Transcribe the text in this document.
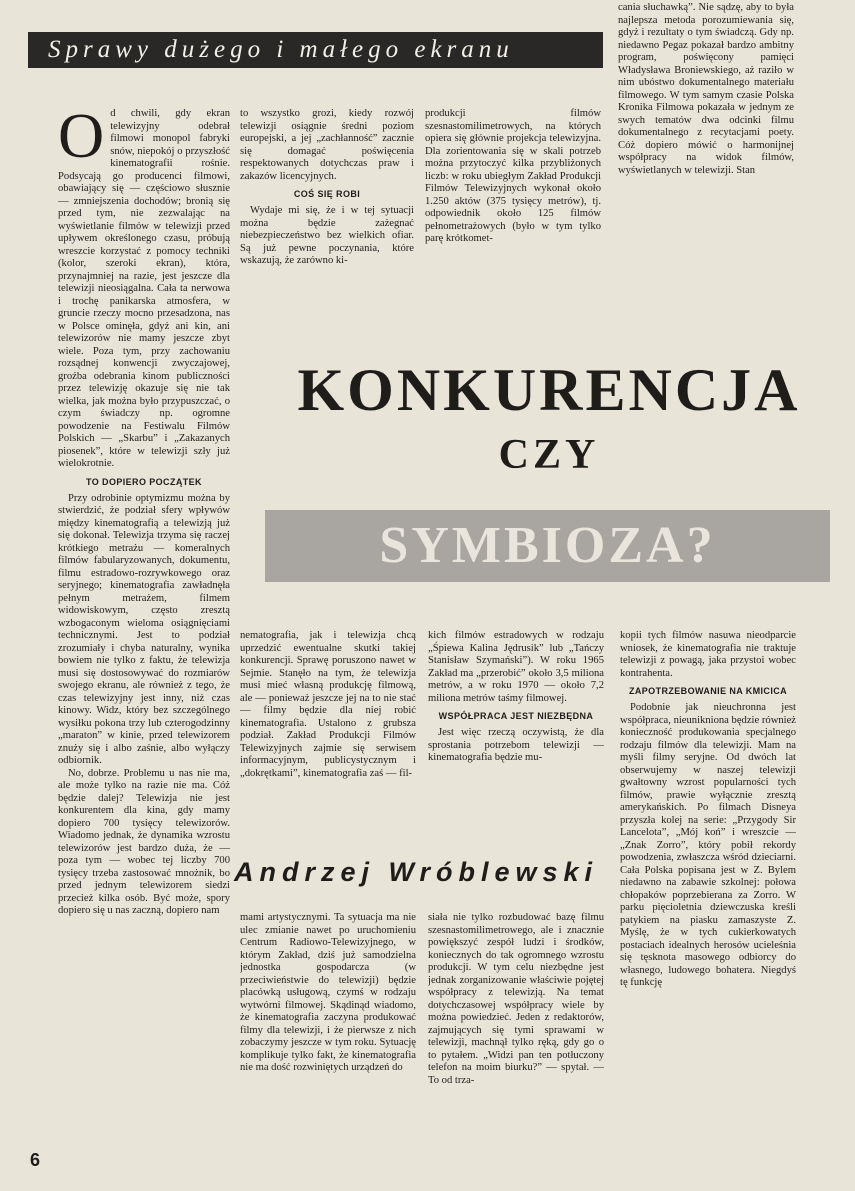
Sprawy dużego i małego ekranu
O d chwili, gdy ekran telewizyjny odebrał filmowi monopol fabryki snów, niepokój o przyszłość kinematografii rośnie. Podsycają go producenci filmowi, obawiający się — częściowo słusznie — zmniejszenia dochodów; bronią się przed tym, nie zezwalając na wyświetlanie filmów w telewizji przed upływem określonego czasu, próbują wreszcie korzystać z pomocy techniki (kolor, szeroki ekran), która, przynajmniej na razie, jest jeszcze dla telewizji nieosiągalna. Cała ta nerwowa i trochę panikarska atmosfera, w gruncie rzeczy mocno przesadzona, nas w Polsce ominęła, gdyż ani kin, ani telewizorów nie mamy jeszcze zbyt wiele. Poza tym, przy zachowaniu rozsądnej konwencji zwyczajowej, groźba odebrania kinom publiczności przez telewizję okazuje się nie tak wielka, jak można było przypuszczać, o czym świadczy np. ogromne powodzenie na Festiwalu Filmów Polskich — „Skarbu” i „Zakazanych piosenek”, które w telewizji szły już wielokrotnie.

TO DOPIERO POCZĄTEK

Przy odrobinie optymizmu można by stwierdzić, że podział sfery wpływów między kinematografią a telewizją już się dokonał. Telewizja trzyma się raczej krótkiego metrażu — komeralnych filmów fabularyzowanych, dokumentu, filmu estradowo-rozrywkowego oraz seryjnego; kinematografia zawładnęła pełnym metrażem, filmem widowiskowym, często zresztą wzbogaconym wielomа osiągnięciami technicznymi. Jest to podział zrozumiały i chyba naturalny, wynika bowiem nie tylko z faktu, że telewizja musi się dostosowywać do rozmiarów swojego ekranu, ale również z tego, że czas telewizyjny jest inny, niż czas kinowy. Widz, który bez szczególnego wysiłku pokona trzy lub czterogodzinny „maraton” w kinie, przed telewizorem znuży się i albo zaśnie, albo wyłączy odbiornik.

No, dobrze. Problemu u nas nie ma, ale może tylko na razie nie ma. Cóż będzie dalej? Telewizja nie jest konkurentem dla kina, gdy mamy dopiero 700 tysięcy telewizorów. Wiadomo jednak, że dynamika wzrostu telewizorów jest bardzo duża, że — poza tym — wobec tej liczby 700 tysięcy trzeba zastosować mnożnik, bo przed jednym telewizorem siedzi przecież kilka osób. Być może, spory dopiero się u nas zaczną, dopiero nam

to wszystko grozi, kiedy rozwój telewizji osiągnie średni poziom europejski, a jej „zachłanność” zacznie się domagać poświęcenia respektowanych dotychczas praw i zakazów licencyjnych.

COŚ SIĘ ROBI

Wydaje mi się, że i w tej sytuacji można będzie zażegnać niebezpieczeństwo bez wielkich ofiar. Są już pewne poczynania, które wskazują, że zarówno ki-

produkcji filmów szesnastomilimetrowych, na których opiera się głównie projekcja telewizyjna. Dla zorientowania się w skali potrzeb można przytoczyć kilka przybliżonych liczb: w roku ubiegłym Zakład Produkcji Filmów Telewizyjnych wykonał około 1.250 aktów (375 tysięcy metrów), tj. odpowiednik około 125 filmów pełnometrażowych (było w tym tylko parę krótkomet-

cania słuchawką”. Nie sądzę, aby to była najlepsza metoda porozumiewania się, gdyż i rezultaty o tym świadczą. Gdy np. niedawno Pegaz pokazał bardzo ambitny program, poświęcony pamięci Władysława Broniewskiego, aż raziło w nim ubóstwo dokumentalnego materiału filmowego. W tym samym czasie Polska Kronika Filmowa pokazała w jednym ze swych tematów dwa odcinki filmu dokumentalnego z recytacjami poety. Cóż dopiero mówić o harmonijnej współpracy na widok filmów, wyświetlanych w telewizji. Stan

KONKURENCJA
CZY
SYMBIOZA?

nematografia, jak i telewizja chcą uprzedzić ewentualne skutki takiej konkurencji. Sprawę poruszono nawet w Sejmie. Stanęło na tym, że telewizja musi mieć własną produkcję filmową, ale — ponieważ jeszcze jej na to nie stać — filmy będzie dla niej robić kinematografia. Ustalono z grubsza podział. Zakład Produkcji Filmów Telewizyjnych zajmie się serwisem informacyjnym, publicystycznym i „dokrętkami”, kinematografia zaś — fil-

kich filmów estradowych w rodzaju „Śpiewa Kalina Jędrusik” lub „Tańczy Stanisław Szymański”). W roku 1965 Zakład ma „przerobić” około 3,5 miliona metrów, a w roku 1970 — około 7,2 miliona metrów taśmy filmowej.

WSPÓŁPRACA JEST NIEZBĘDNA

Jest więc rzeczą oczywistą, że dla sprostania potrzebom telewizji — kinematografia będzie mu-

kopii tych filmów nasuwa nieodparcie wniosek, że kinematografia nie traktuje telewizji z powagą, jaka przystoi wobec kontrahenta.

ZAPOTRZEBOWANIE NA KMICICA

Podobnie jak nieuchronna jest współpraca, nieunikniona będzie również konieczność produkowania specjalnego rodzaju filmów dla telewizji. Mam na myśli filmy seryjne. Od dwóch lat obserwujemy w naszej telewizji gwałtowny wzrost popularności tych filmów, prawie wyłącznie zresztą amerykańskich. Po filmach Disneya przyszła kolej na serie: „Przygody Sir Lancelota”, „Mój koń” i wreszcie — „Znak Zorro”, który pobił rekordy powodzenia, zwłaszcza wśród dzieciarni. Cała Polska popisana jest w Z. Bylem niedawno na zabawie szkolnej: połowa chłopaków poprzebierana za Zorro. W parku pięcioletnia dziewczuska kreśli patykiem na piasku zamaszyste Z. Myślę, że w tych cukierkowatych postaciach idealnych herosów ucieleśnia się tęsknota masowego odbiorcy do własnego, ludowego bohatera. Niegdyś tę funkcję

Andrzej Wróblewski

mami artystycznymi. Ta sytuacja ma nie ulec zmianie nawet po uruchomieniu Centrum Radiowo-Telewizyjnego, w którym Zakład, dziś już samodzielna jednostka gospodarcza (w przeciwieństwie do telewizji) będzie placówką usługową, czymś w rodzaju wytwórni filmowej. Skądinąd wiadomo, że kinematografia zaczyna produkować filmy dla telewizji, i że pierwsze z nich zobaczymy jeszcze w tym roku. Sytuację komplikuje tylko fakt, że kinematografia nie ma dość rozwiniętych urządzeń do

siała nie tylko rozbudować bazę filmu szesnastomilimetrowego, ale i znacznie powiększyć zespół ludzi i środków, koniecznych do tak ogromnego wzrostu produkcji. W tym celu niezbędne jest jednak zorganizowanie właściwie pojętej współpracy z telewizją. Na temat dotychczasowej współpracy wiele by można powiedzieć. Jeden z redaktorów, zajmujących się tymi sprawami w telewizji, machnął tylko ręką, gdy go o to pytałem. „Widzi pan ten potłuczony telefon na moim biurku?” — spytał. — To od trza-

6
